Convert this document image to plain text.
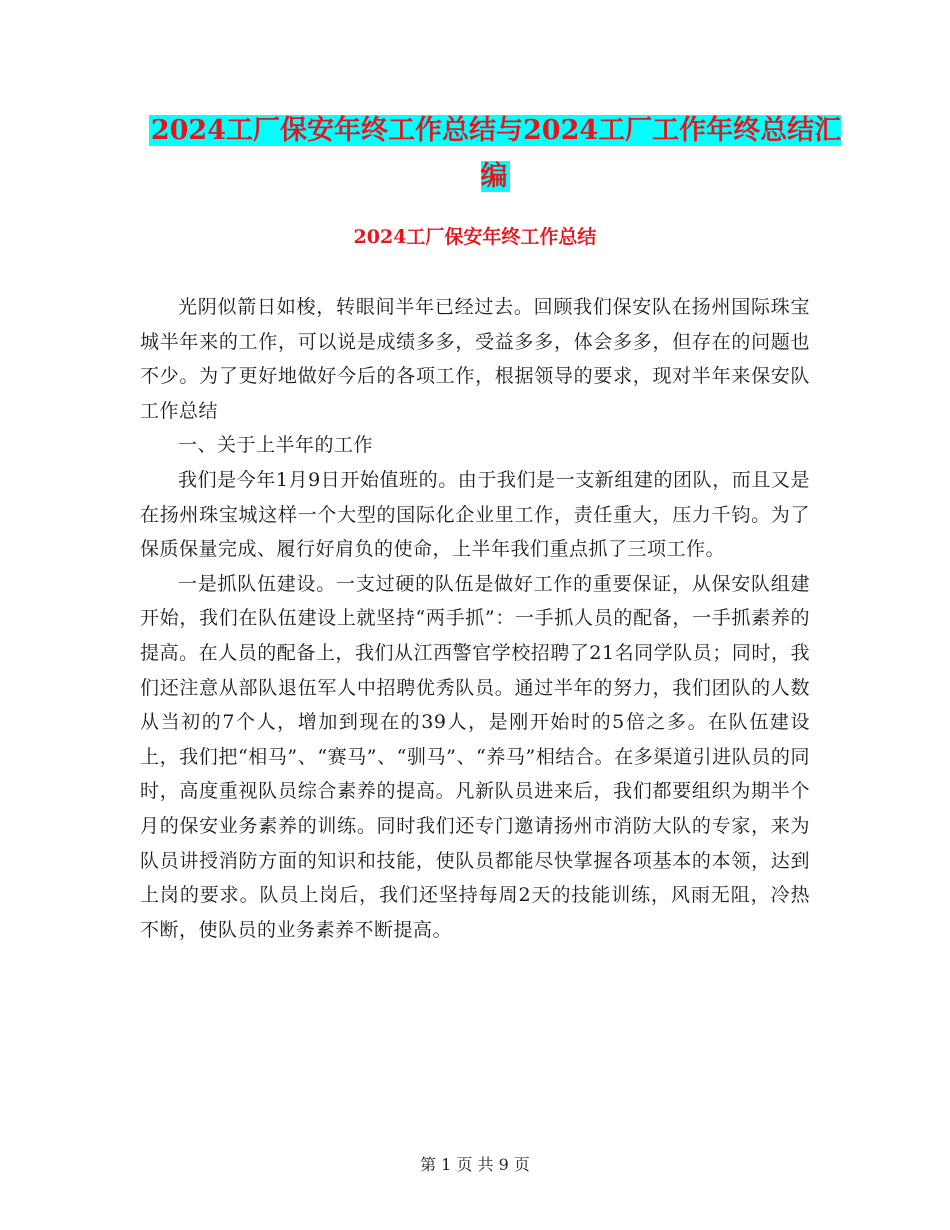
2024工厂保安年终工作总结与2024工厂工作年终总结汇编
2024工厂保安年终工作总结

光阴似箭日如梭，转眼间半年已经过去。回顾我们保安队在扬州国际珠宝城半年来的工作，可以说是成绩多多，受益多多，体会多多，但存在的问题也不少。为了更好地做好今后的各项工作，根据领导的要求，现对半年来保安队工作总结

一、关于上半年的工作

我们是今年1月9日开始值班的。由于我们是一支新组建的团队，而且又是在扬州珠宝城这样一个大型的国际化企业里工作，责任重大，压力千钧。为了保质保量完成、履行好肩负的使命，上半年我们重点抓了三项工作。

一是抓队伍建设。一支过硬的队伍是做好工作的重要保证，从保安队组建开始，我们在队伍建设上就坚持“两手抓”：一手抓人员的配备，一手抓素养的提高。在人员的配备上，我们从江西警官学校招聘了21名同学队员；同时，我们还注意从部队退伍军人中招聘优秀队员。通过半年的努力，我们团队的人数从当初的7个人，增加到现在的39人，是刚开始时的5倍之多。在队伍建设上，我们把“相马”、“赛马”、“驯马”、“养马”相结合。在多渠道引进队员的同时，高度重视队员综合素养的提高。凡新队员进来后，我们都要组织为期半个月的保安业务素养的训练。同时我们还专门邀请扬州市消防大队的专家，来为队员讲授消防方面的知识和技能，使队员都能尽快掌握各项基本的本领，达到上岗的要求。队员上岗后，我们还坚持每周2天的技能训练，风雨无阻，冷热不断，使队员的业务素养不断提高。

第 1 页 共 9 页
